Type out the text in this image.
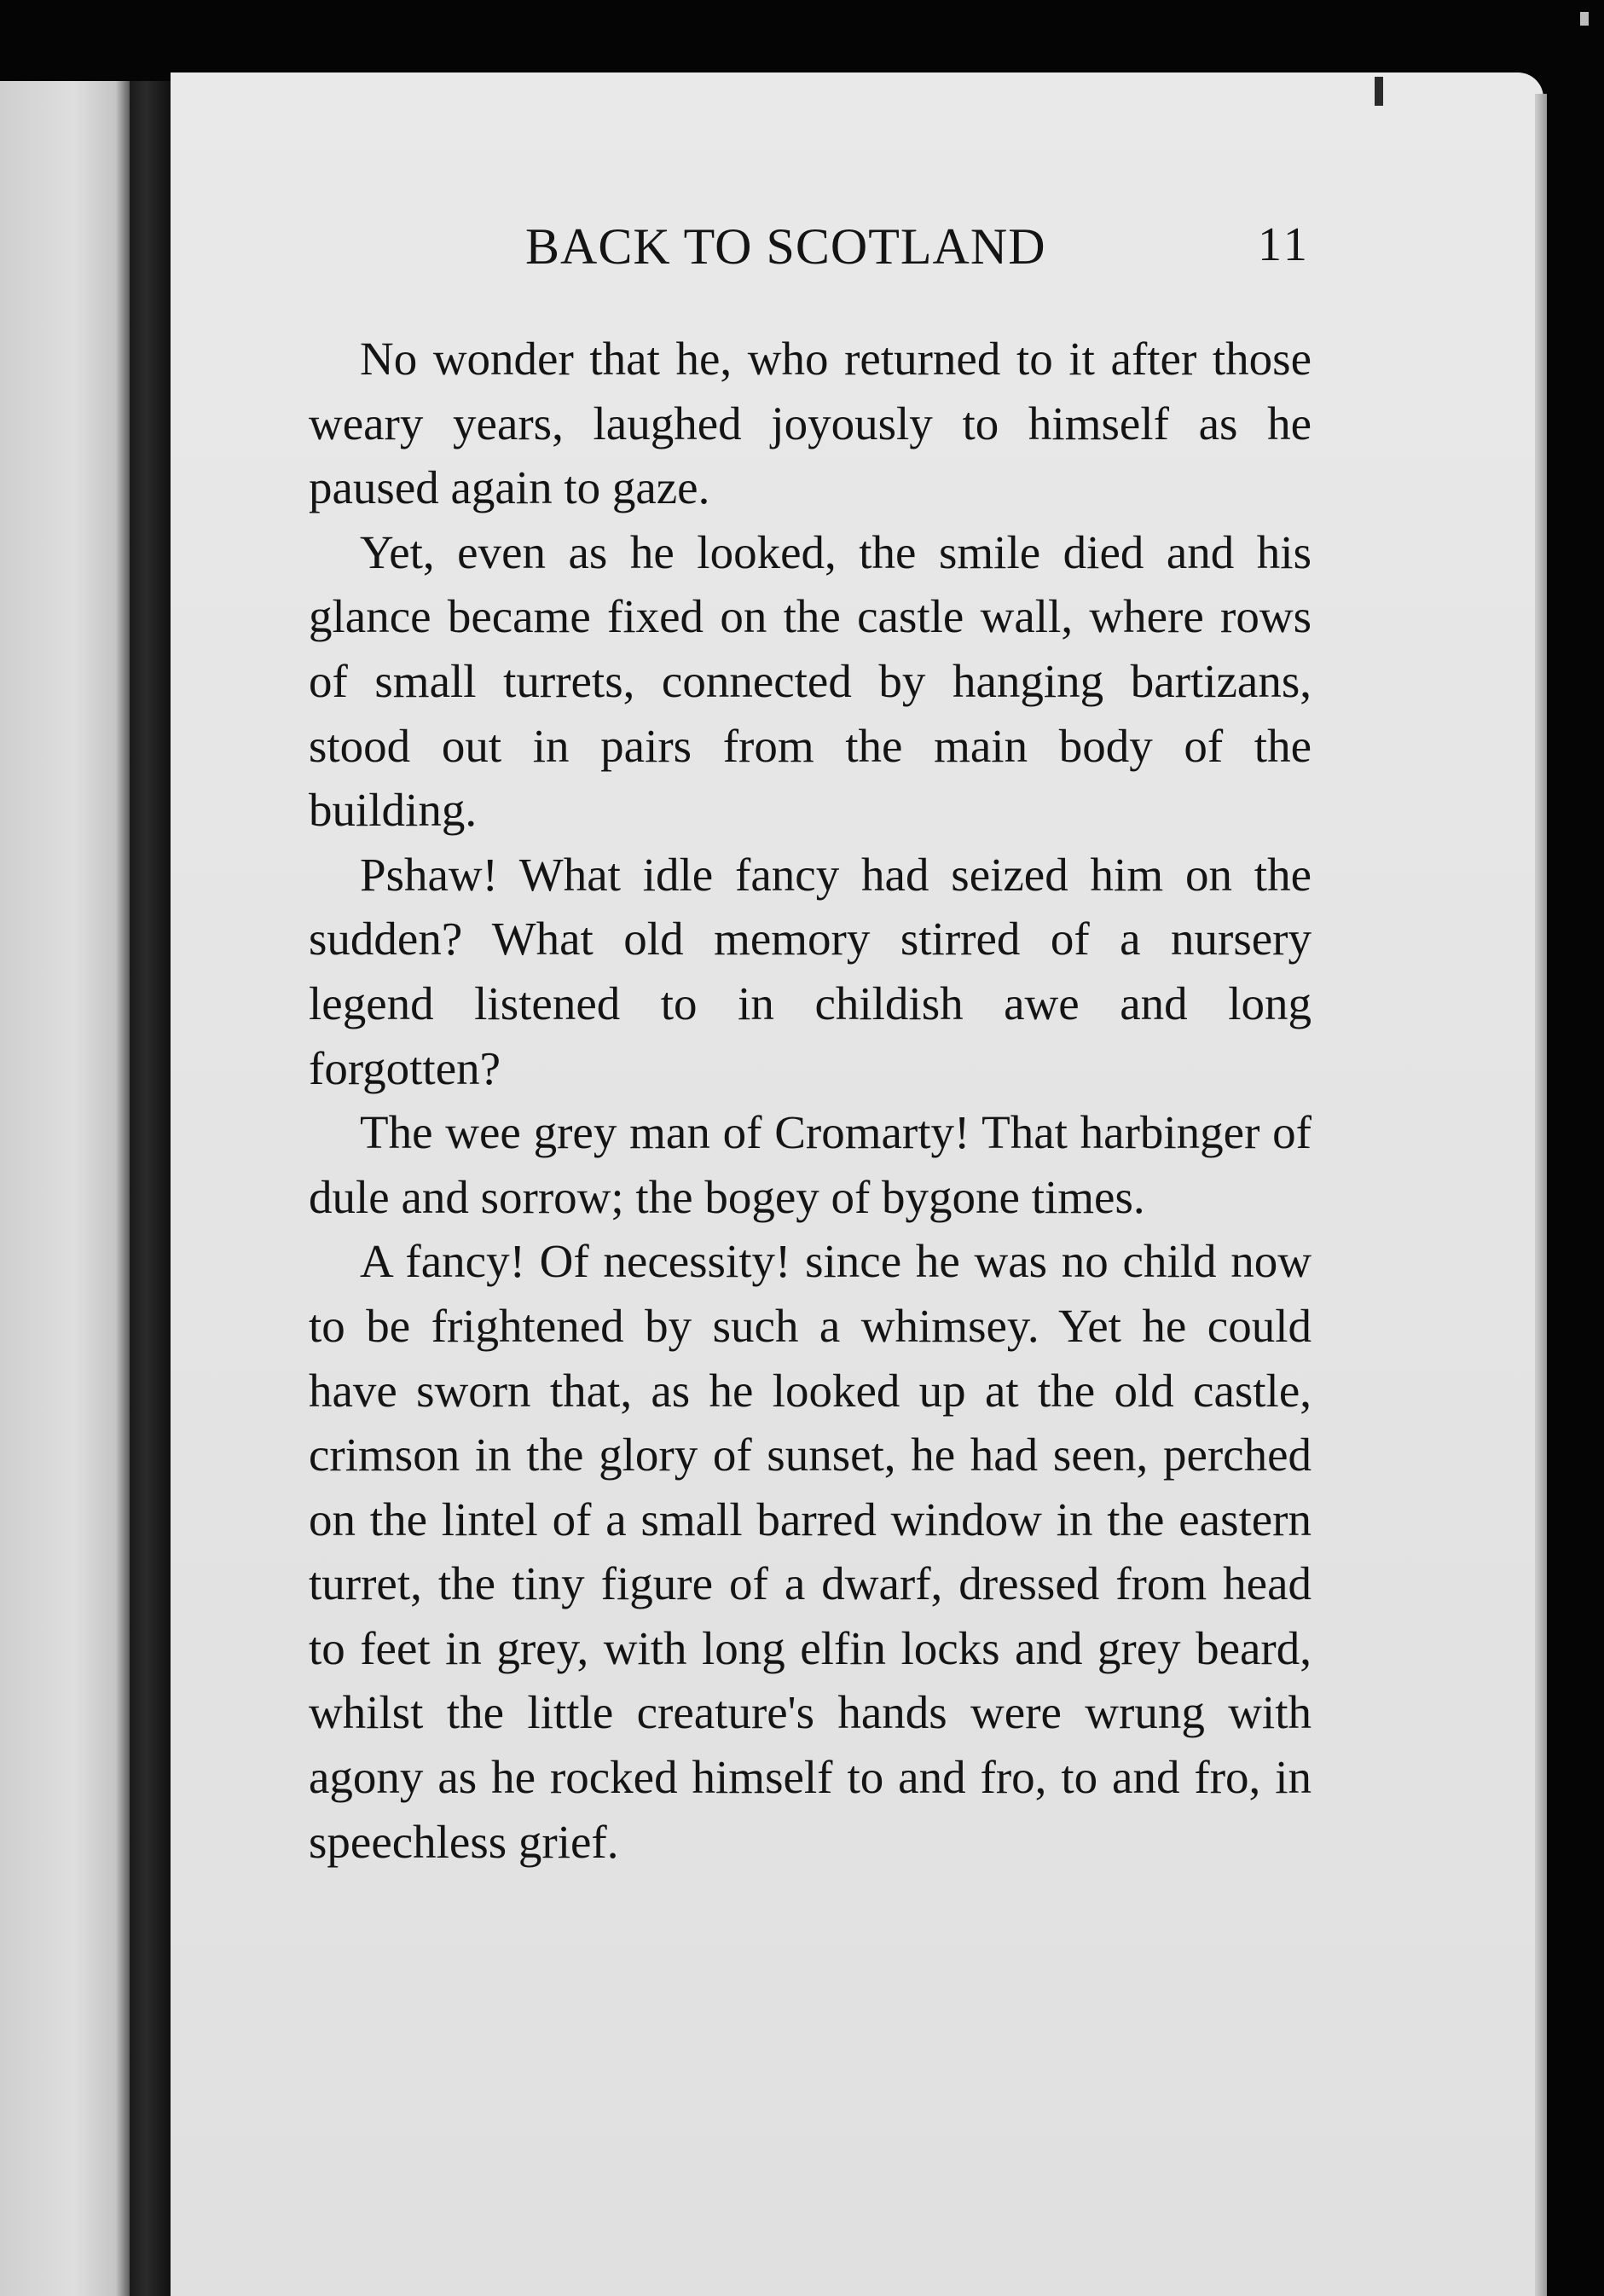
BACK TO SCOTLAND	11

No wonder that he, who returned to it after those weary years, laughed joyously to himself as he paused again to gaze.

Yet, even as he looked, the smile died and his glance became fixed on the castle wall, where rows of small turrets, connected by hanging bartizans, stood out in pairs from the main body of the building.

Pshaw! What idle fancy had seized him on the sudden? What old memory stirred of a nursery legend listened to in childish awe and long forgotten?

The wee grey man of Cromarty! That harbinger of dule and sorrow; the bogey of bygone times.

A fancy! Of necessity! since he was no child now to be frightened by such a whimsey. Yet he could have sworn that, as he looked up at the old castle, crimson in the glory of sunset, he had seen, perched on the lintel of a small barred window in the eastern turret, the tiny figure of a dwarf, dressed from head to feet in grey, with long elfin locks and grey beard, whilst the little creature's hands were wrung with agony as he rocked himself to and fro, to and fro, in speechless grief.
